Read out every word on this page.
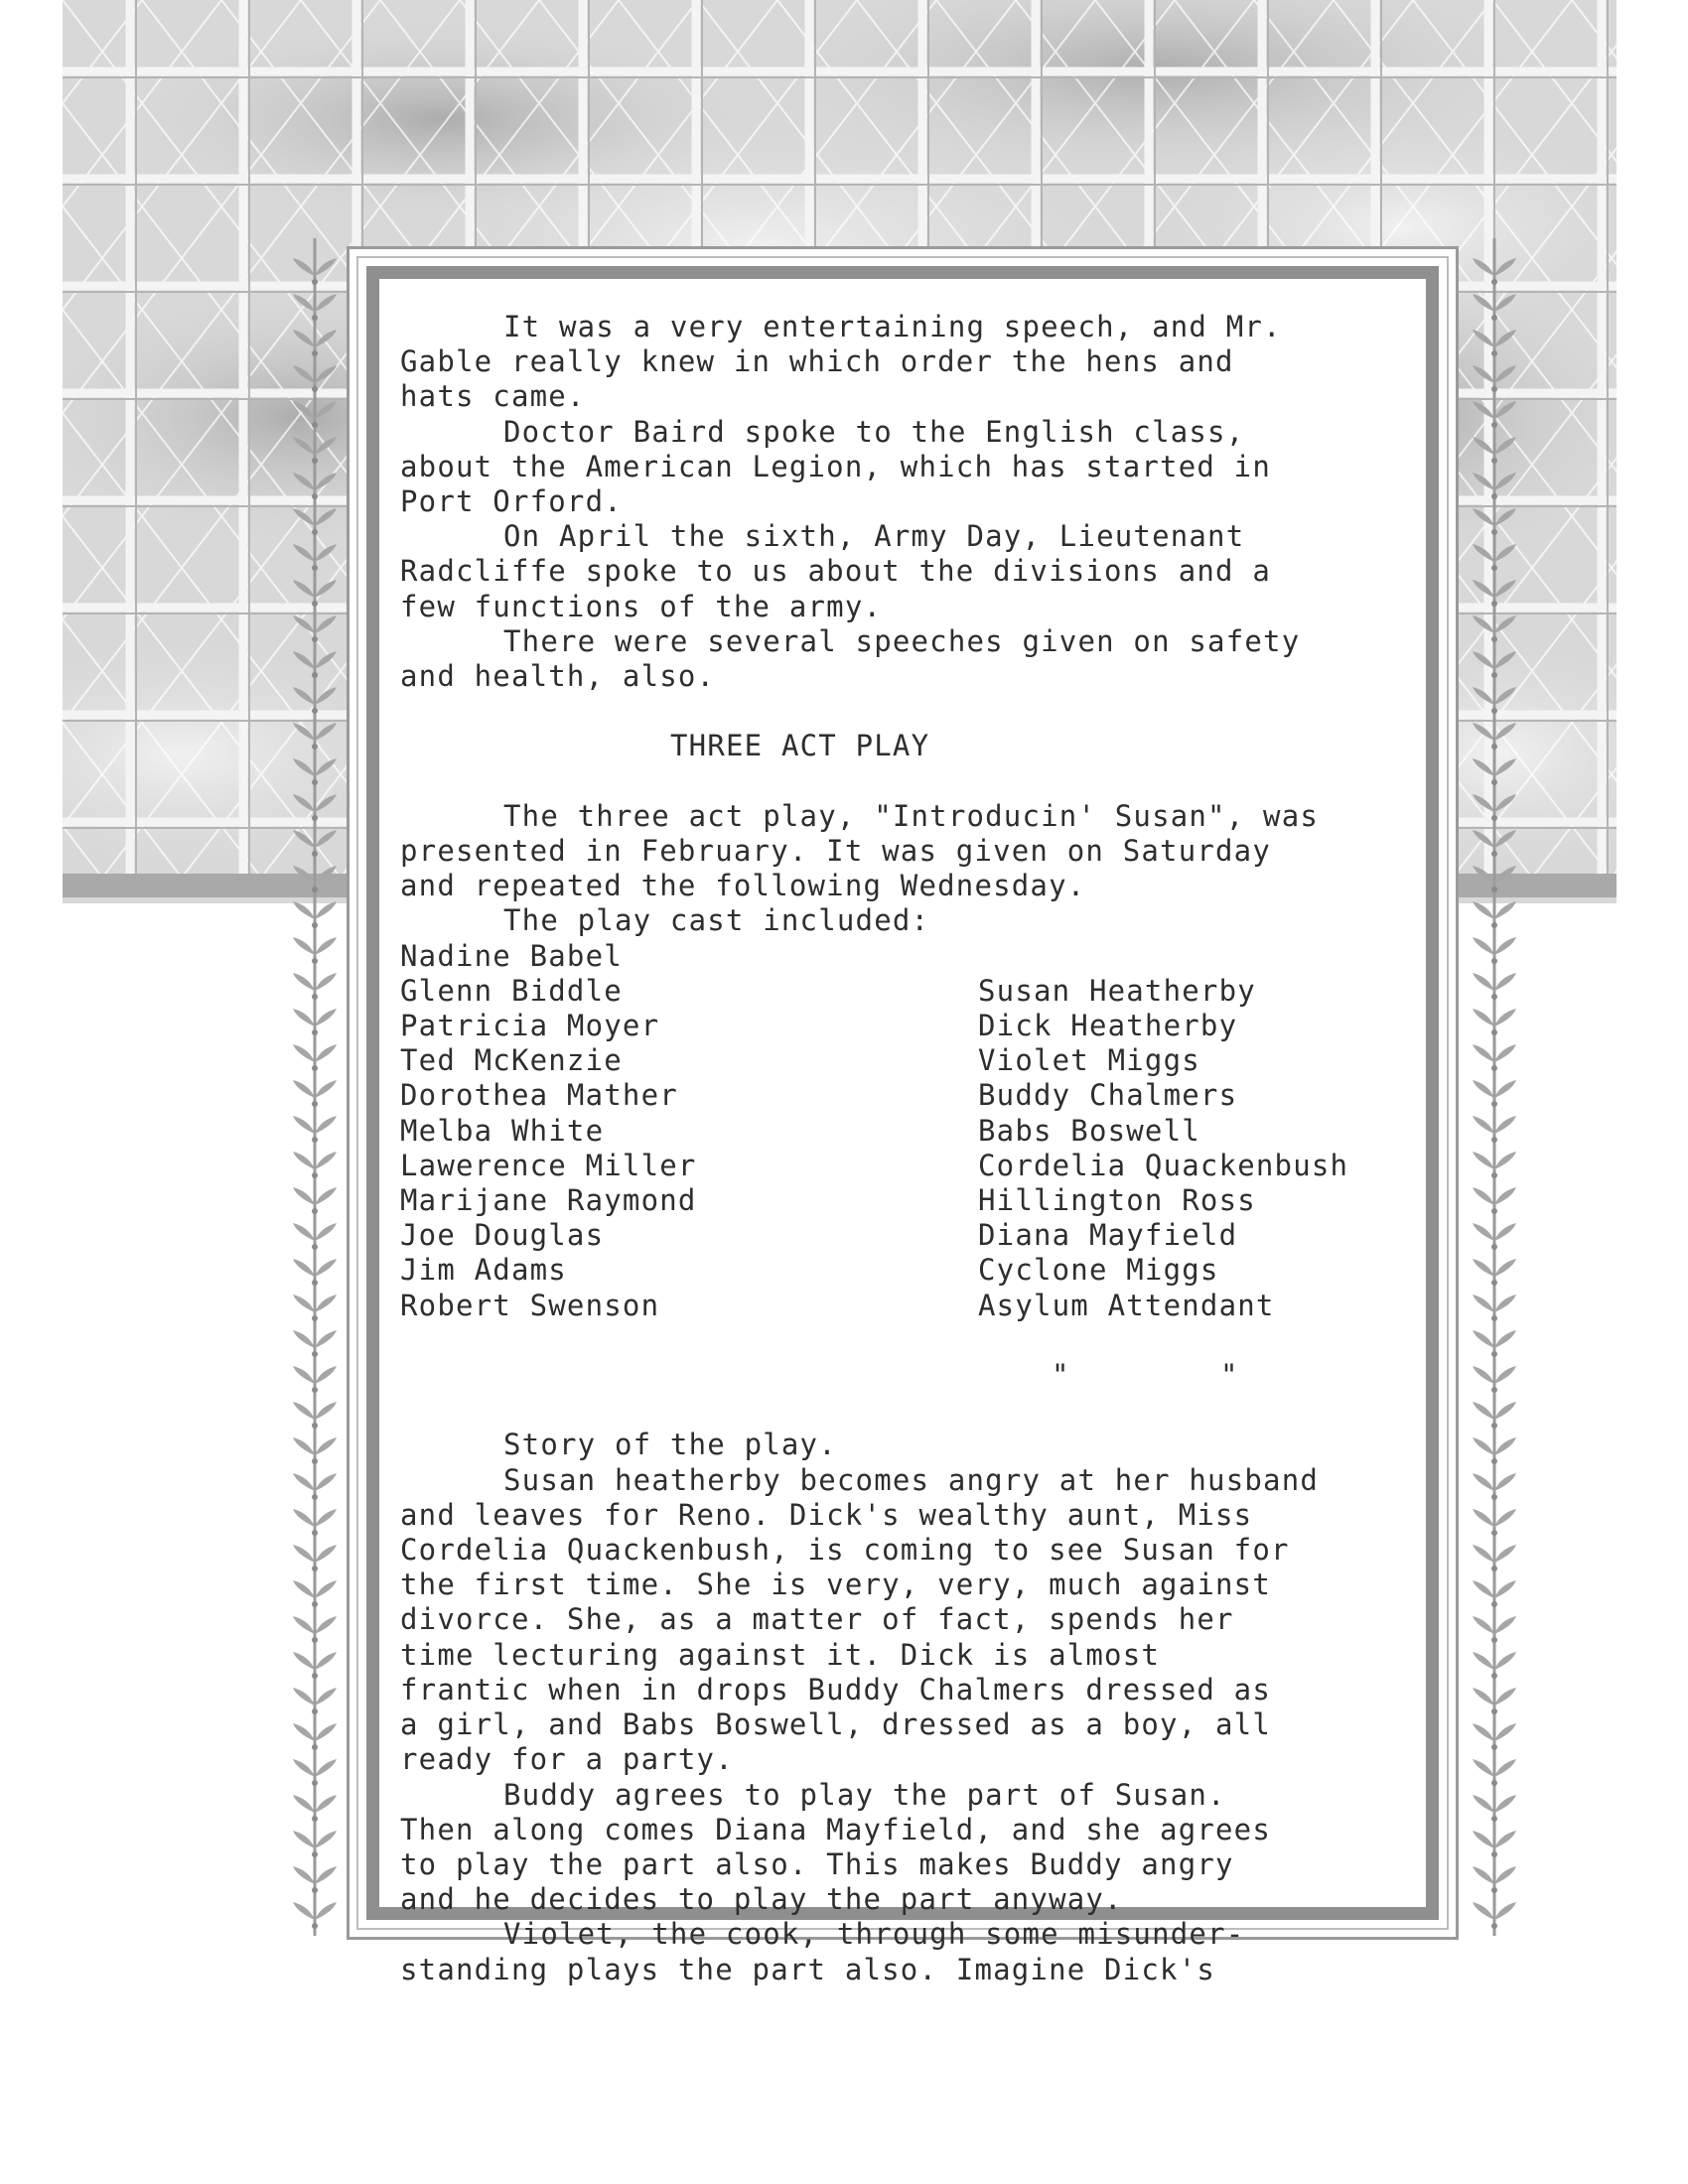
It was a very entertaining speech, and Mr.
Gable really knew in which order the hens and
hats came.

Doctor Baird spoke to the English class,
about the American Legion, which has started in
Port Orford.

On April the sixth, Army Day, Lieutenant
Radcliffe spoke to us about the divisions and a
few functions of the army.

There were several speeches given on safety
and health, also.

THREE ACT PLAY

The three act play, "Introducin' Susan", was
presented in February. It was given on Saturday
and repeated the following Wednesday.

The play cast included:

Nadine Babel
Glenn Biddle
Patricia Moyer
Ted McKenzie
Dorothea Mather
Melba White
Lawerence Miller
Marijane Raymond
Joe Douglas
Jim Adams
Robert Swenson

Susan Heatherby
Dick Heatherby
Violet Miggs
Buddy Chalmers
Babs Boswell
Cordelia Quackenbush
Hillington Ross
Diana Mayfield
Cyclone Miggs
Asylum Attendant

"	"

Story of the play.

Susan heatherby becomes angry at her husband
and leaves for Reno. Dick's wealthy aunt, Miss
Cordelia Quackenbush, is coming to see Susan for
the first time. She is very, very, much against
divorce. She, as a matter of fact, spends her
time lecturing against it. Dick is almost
frantic when in drops Buddy Chalmers dressed as
a girl, and Babs Boswell, dressed as a boy, all
ready for a party.

Buddy agrees to play the part of Susan.
Then along comes Diana Mayfield, and she agrees
to play the part also. This makes Buddy angry
and he decides to play the part anyway.

Violet, the cook, through some misunder-
standing plays the part also. Imagine Dick's
